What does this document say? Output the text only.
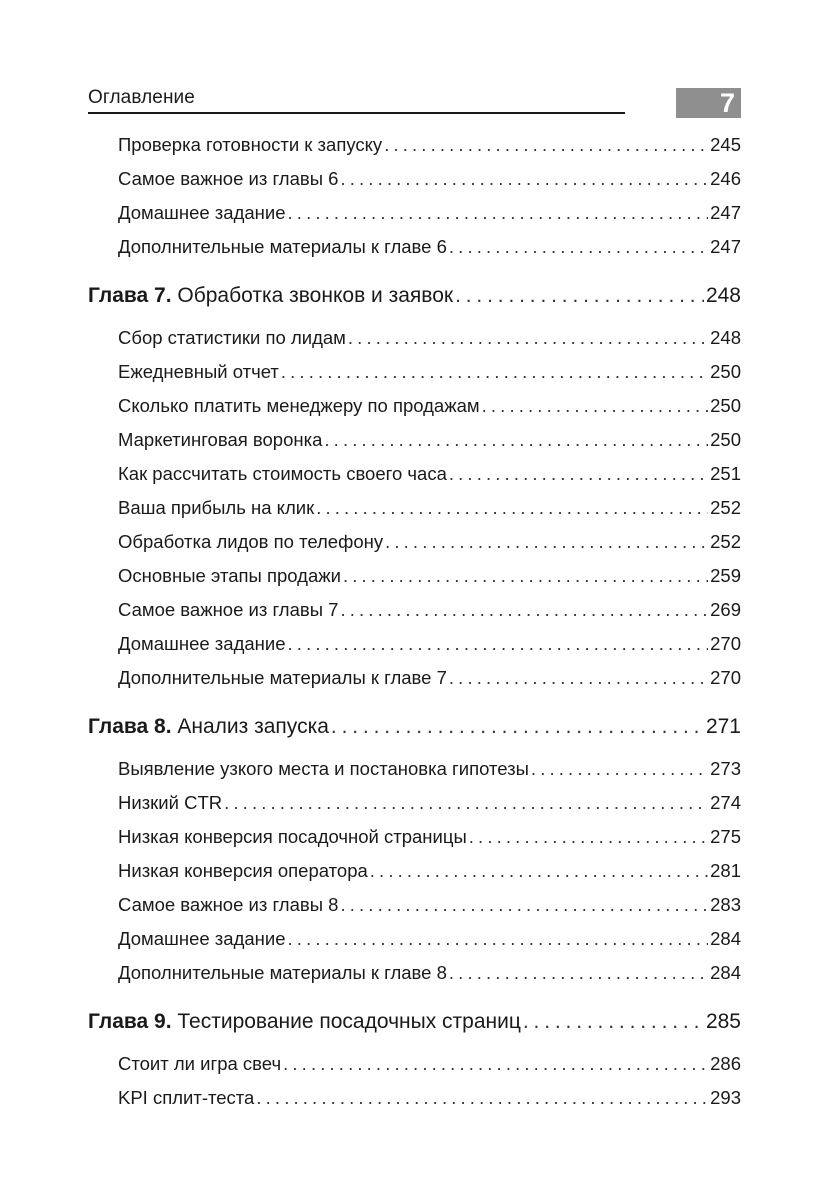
Оглавление	7
Проверка готовности к запуску . . .	245
Самое важное из главы 6 . . .	246
Домашнее задание . . .	247
Дополнительные материалы к главе 6 . . .	247
Глава 7. Обработка звонков и заявок . . .	248
Сбор статистики по лидам . . .	248
Ежедневный отчет . . .	250
Сколько платить менеджеру по продажам . . .	250
Маркетинговая воронка . . .	250
Как рассчитать стоимость своего часа . . .	251
Ваша прибыль на клик . . .	252
Обработка лидов по телефону . . .	252
Основные этапы продажи . . .	259
Самое важное из главы 7 . . .	269
Домашнее задание . . .	270
Дополнительные материалы к главе 7 . . .	270
Глава 8. Анализ запуска . . .	271
Выявление узкого места и постановка гипотезы . . .	273
Низкий CTR . . .	274
Низкая конверсия посадочной страницы . . .	275
Низкая конверсия оператора . . .	281
Самое важное из главы 8 . . .	283
Домашнее задание . . .	284
Дополнительные материалы к главе 8 . . .	284
Глава 9. Тестирование посадочных страниц . . .	285
Стоит ли игра свеч . . .	286
KPI сплит-теста . . .	293
